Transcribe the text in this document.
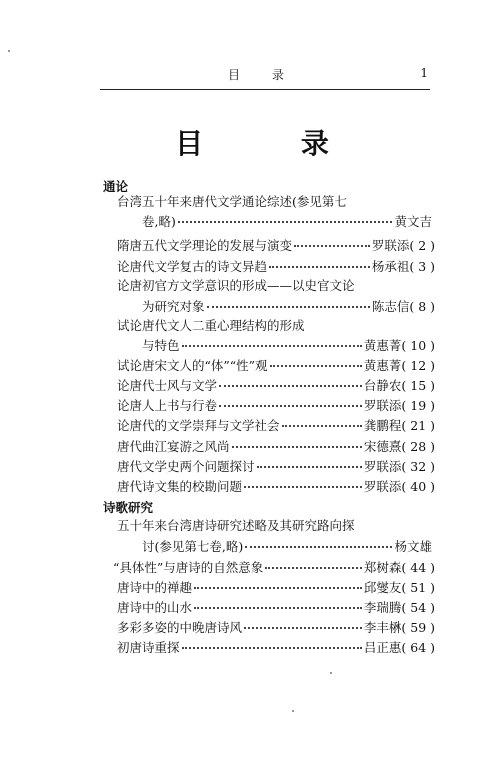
目 录	1
目 录
通论
台湾五十年来唐代文学通论综述(参见第七
卷,略)	黄文吉
隋唐五代文学理论的发展与演变	罗联添( 2 )
论唐代文学复古的诗文异趋	杨承祖( 3 )
论唐初官方文学意识的形成——以史官文论
为研究对象	陈志信( 8 )
试论唐代文人二重心理结构的形成
与特色	黄惠菁( 10 )
试论唐宋文人的“体”“性”观	黄惠菁( 12 )
论唐代士风与文学	台静农( 15 )
论唐人上书与行卷	罗联添( 19 )
论唐代的文学崇拜与文学社会	龚鹏程( 21 )
唐代曲江宴游之风尚	宋德熹( 28 )
唐代文学史两个问题探讨	罗联添( 32 )
唐代诗文集的校勘问题	罗联添( 40 )
诗歌研究
五十年来台湾唐诗研究述略及其研究路向探
讨(参见第七卷,略)	杨文雄
“具体性”与唐诗的自然意象	郑树森( 44 )
唐诗中的禅趣	邱燮友( 51 )
唐诗中的山水	李瑞腾( 54 )
多彩多姿的中晚唐诗风	李丰楙( 59 )
初唐诗重探	吕正惠( 64 )
